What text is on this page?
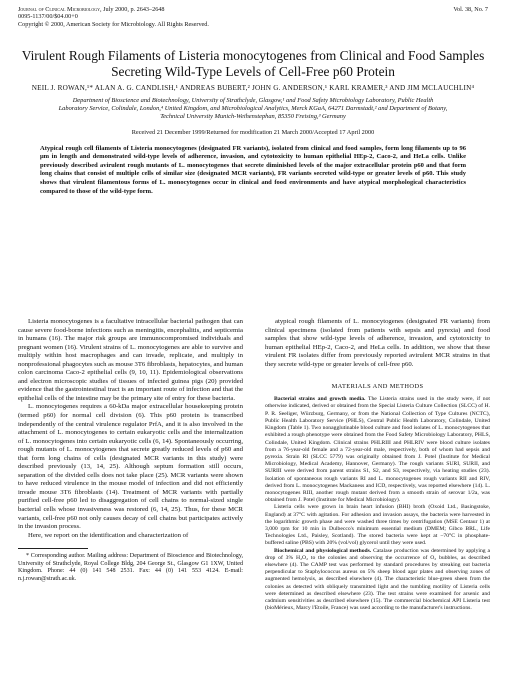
Journal of Clinical Microbiology, July 2000, p. 2643–2648
0095-1137/00/$04.00+0
Copyright © 2000, American Society for Microbiology. All Rights Reserved.
Vol. 38, No. 7
Virulent Rough Filaments of Listeria monocytogenes from Clinical and Food Samples Secreting Wild-Type Levels of Cell-Free p60 Protein
NEIL J. ROWAN,¹* ALAN A. G. CANDLISH,¹ ANDREAS BUBERT,² JOHN G. ANDERSON,¹ KARL KRAMER,³ AND JIM MCLAUCHLIN⁴
Department of Bioscience and Biotechnology, University of Strathclyde, Glasgow,¹ and Food Safety Microbiology Laboratory, Public Health Laboratory Service, Colindale, London,⁴ United Kingdom, and Microbiological Analytics, Merck KGaA, 64271 Darmstadt,² and Department of Botany, Technical University Munich-Weihenstephan, 85350 Freising,³ Germany
Received 21 December 1999/Returned for modification 21 March 2000/Accepted 17 April 2000
Atypical rough cell filaments of Listeria monocytogenes (designated FR variants), isolated from clinical and food samples, form long filaments up to 96 μm in length and demonstrated wild-type levels of adherence, invasion, and cytotoxicity to human epithelial HEp-2, Caco-2, and HeLa cells. Unlike previously described avirulent rough mutants of L. monocytogenes that secrete diminished levels of the major extracellular protein p60 and that form long chains that consist of multiple cells of similar size (designated MCR variants), FR variants secreted wild-type or greater levels of p60. This study shows that virulent filamentous forms of L. monocytogenes occur in clinical and food environments and have atypical morphological characteristics compared to those of the wild-type form.

Listeria monocytogenes is a facultative intracellular bacterial pathogen that can cause severe food-borne infections such as meningitis, encephalitis, and septicemia in humans (16). The major risk groups are immunocompromised individuals and pregnant women (16). Virulent strains of L. monocytogenes are able to survive and multiply within host macrophages and can invade, replicate, and multiply in nonprofessional phagocytes such as mouse 3T6 fibroblasts, hepatocytes, and human colon carcinoma Caco-2 epithelial cells (9, 10, 11). Epidemiological observations and electron microscopic studies of tissues of infected guinea pigs (20) provided evidence that the gastrointestinal tract is an important route of infection and that the epithelial cells of the intestine may be the primary site of entry for these bacteria.

L. monocytogenes requires a 60-kDa major extracellular housekeeping protein (termed p60) for normal cell division (6). This p60 protein is transcribed independently of the central virulence regulator PrfA, and it is also involved in the attachment of L. monocytogenes to certain eukaryotic cells and the internalization of L. monocytogenes into certain eukaryotic cells (6, 14). Spontaneously occurring, rough mutants of L. monocytogenes that secrete greatly reduced levels of p60 and that form long chains of cells (designated MCR variants in this study) were described previously (13, 14, 25). Although septum formation still occurs, separation of the divided cells does not take place (25). MCR variants were shown to have reduced virulence in the mouse model of infection and did not efficiently invade mouse 3T6 fibroblasts (14). Treatment of MCR variants with partially purified cell-free p60 led to disaggregation of cell chains to normal-sized single bacterial cells whose invasiveness was restored (6, 14, 25). Thus, for these MCR variants, cell-free p60 not only causes decay of cell chains but participates actively in the invasion process.

Here, we report on the identification and characterization of

* Corresponding author. Mailing address: Department of Bioscience and Biotechnology, University of Strathclyde, Royal College Bldg, 204 George St., Glasgow G1 1XW, United Kingdom. Phone: 44 (0) 141 548 2531. Fax: 44 (0) 141 553 4124. E-mail: n.j.rowan@strath.ac.uk.

atypical rough filaments of L. monocytogenes (designated FR variants) from clinical specimens (isolated from patients with sepsis and pyrexia) and food samples that show wild-type levels of adherence, invasion, and cytotoxicity to human epithelial HEp-2, Caco-2, and HeLa cells. In addition, we show that these virulent FR isolates differ from previously reported avirulent MCR strains in that they secrete wild-type or greater levels of cell-free p60.

MATERIALS AND METHODS

Bacterial strains and growth media. The Listeria strains used in the study were, if not otherwise indicated, derived or obtained from the Special Listeria Culture Collection (SLCC) of H. P. R. Seeliger, Würzburg, Germany, or from the National Collection of Type Cultures (NCTC), Public Health Laboratory Service (PHLS), Central Public Health Laboratory, Colindale, United Kingdom (Table 1). Two nonagglutinable blood culture and food isolates of L. monocytogenes that exhibited a rough phenotype were obtained from the Food Safety Microbiology Laboratory, PHLS, Colindale, United Kingdom. Clinical strains PHLRIII and PHLRIV were blood culture isolates from a 76-year-old female and a 72-year-old male, respectively, both of whom had sepsis and pyrexia. Strain RI (SLCC 5779) was originally obtained from J. Potel (Institute for Medical Microbiology, Medical Academy, Hannover, Germany). The rough variants SURI, SURII, and SURIII were derived from parent strains S1, S2, and S3, respectively, via heating studies (23). Isolation of spontaneous rough variants RI and L. monocytogenes rough variants RII and RIV, derived from L. monocytogenes Mackaness and ICD, respectively, was reported elsewhere (14). L. monocytogenes RIII, another rough mutant derived from a smooth strain of serovar 1/2a, was obtained from J. Potel (Institute for Medical Microbiology).

Listeria cells were grown in brain heart infusion (BHI) broth (Oxoid Ltd., Basingstoke, England) at 37°C with agitation. For adhesion and invasion assays, the bacteria were harvested in the logarithmic growth phase and were washed three times by centrifugation (MSE Centaur 1) at 3,000 rpm for 10 min in Dulbecco's minimum essential medium (DMEM; Gibco BRL, Life Technologies Ltd., Paisley, Scotland). The stored bacteria were kept at −70°C in phosphate-buffered saline (PBS) with 20% (vol/vol) glycerol until they were used.

Biochemical and physiological methods. Catalase production was determined by applying a drop of 3% H₂O₂ to the colonies and observing the occurrence of O₂ bubbles, as described elsewhere (4). The CAMP test was performed by standard procedures by streaking out bacteria perpendicular to Staphylococcus aureus on 5% sheep blood agar plates and observing zones of augmented hemolysis, as described elsewhere (4). The characteristic blue-green sheen from the colonies as detected with obliquely transmitted light and the tumbling motility of Listeria cells were determined as described elsewhere (23). The test strains were examined for arsenic and cadmium sensitivities as described elsewhere (15). The commercial biochemical API Listeria test (bioMérieux, Marcy l'Etoile, France) was used according to the manufacturer's instructions.
